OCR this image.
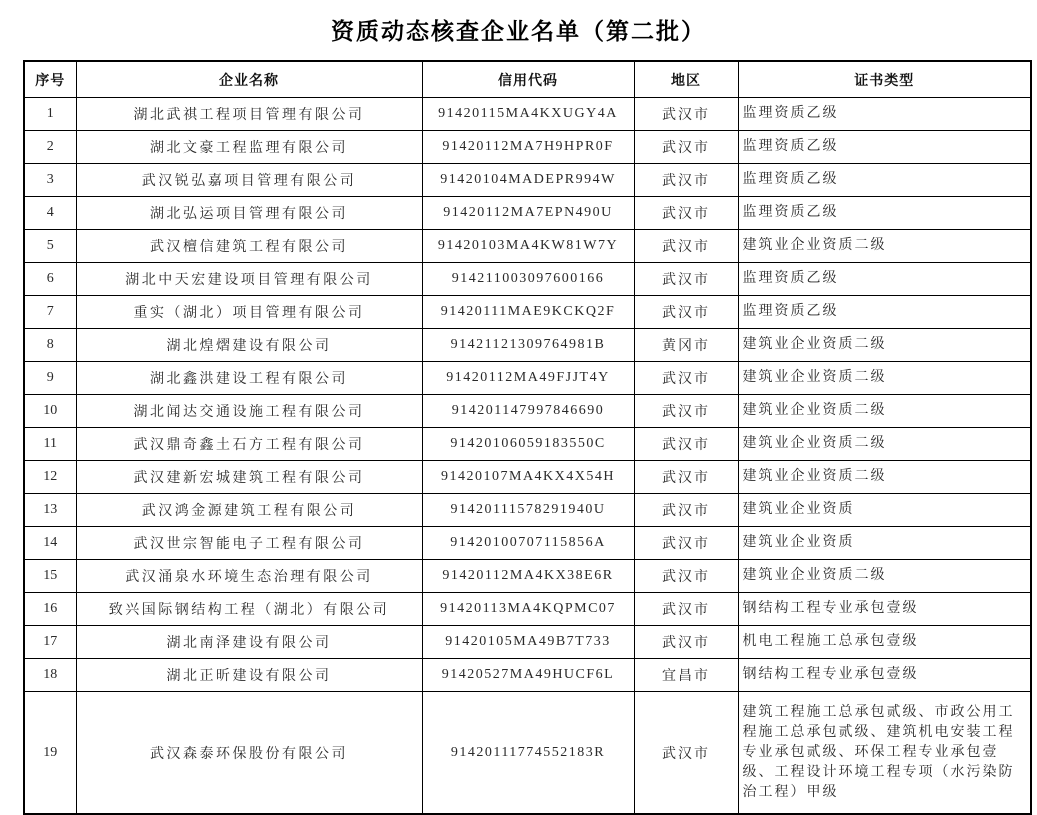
资质动态核查企业名单（第二批）
序号	企业名称	信用代码	地区	证书类型
1	湖北武祺工程项目管理有限公司	91420115MA4KXUGY4A	武汉市	监理资质乙级
2	湖北文豪工程监理有限公司	91420112MA7H9HPR0F	武汉市	监理资质乙级
3	武汉锐弘嘉项目管理有限公司	91420104MADEPR994W	武汉市	监理资质乙级
4	湖北弘运项目管理有限公司	91420112MA7EPN490U	武汉市	监理资质乙级
5	武汉檀信建筑工程有限公司	91420103MA4KW81W7Y	武汉市	建筑业企业资质二级
6	湖北中天宏建设项目管理有限公司	914211003097600166	武汉市	监理资质乙级
7	重实（湖北）项目管理有限公司	91420111MAE9KCKQ2F	武汉市	监理资质乙级
8	湖北煌熠建设有限公司	91421121309764981B	黄冈市	建筑业企业资质二级
9	湖北鑫洪建设工程有限公司	91420112MA49FJJT4Y	武汉市	建筑业企业资质二级
10	湖北闻达交通设施工程有限公司	914201147997846690	武汉市	建筑业企业资质二级
11	武汉鼎奇鑫土石方工程有限公司	91420106059183550C	武汉市	建筑业企业资质二级
12	武汉建新宏城建筑工程有限公司	91420107MA4KX4X54H	武汉市	建筑业企业资质二级
13	武汉鸿金源建筑工程有限公司	91420111578291940U	武汉市	建筑业企业资质
14	武汉世宗智能电子工程有限公司	91420100707115856A	武汉市	建筑业企业资质
15	武汉涌泉水环境生态治理有限公司	91420112MA4KX38E6R	武汉市	建筑业企业资质二级
16	致兴国际钢结构工程（湖北）有限公司	91420113MA4KQPMC07	武汉市	钢结构工程专业承包壹级
17	湖北南泽建设有限公司	91420105MA49B7T733	武汉市	机电工程施工总承包壹级
18	湖北正昕建设有限公司	91420527MA49HUCF6L	宜昌市	钢结构工程专业承包壹级
19	武汉森泰环保股份有限公司	91420111774552183R	武汉市	建筑工程施工总承包贰级、市政公用工程施工总承包贰级、建筑机电安装工程专业承包贰级、环保工程专业承包壹级、工程设计环境工程专项（水污染防治工程）甲级
